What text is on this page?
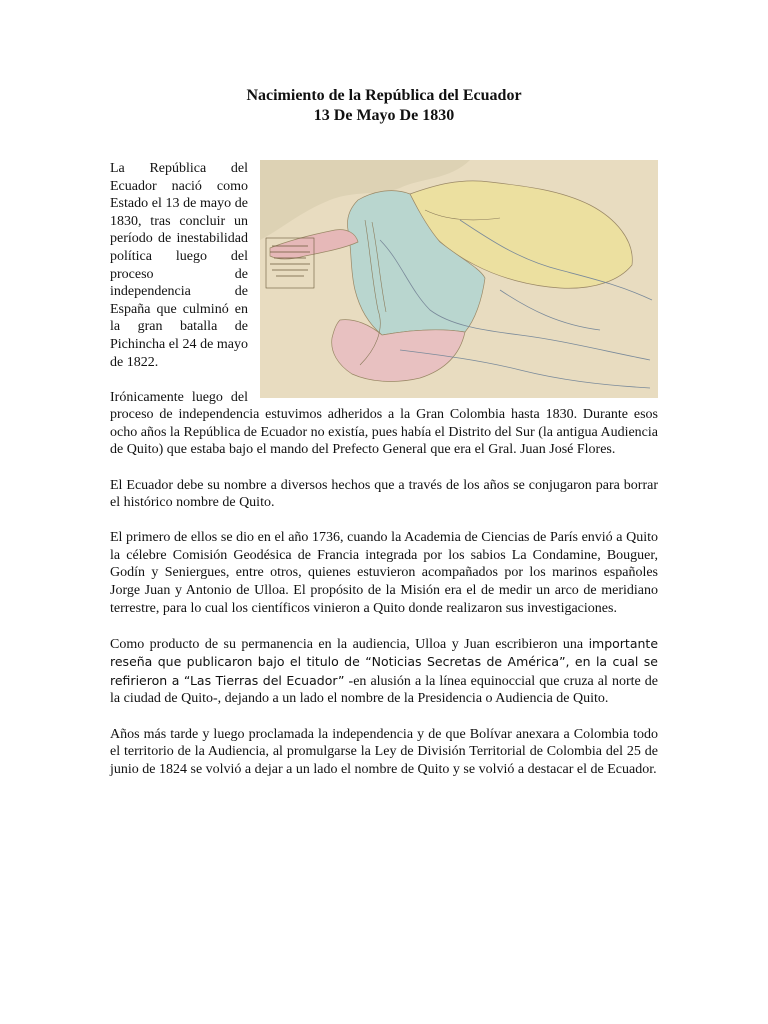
Nacimiento de la República del Ecuador
13 De Mayo De 1830

La República del Ecuador nació como Estado el 13 de mayo de 1830, tras concluir un período de inestabilidad política luego del proceso de independencia de España que culminó en la gran batalla de Pichincha el 24 de mayo de 1822.

Irónicamente luego del proceso de independencia estuvimos adheridos a la Gran Colombia hasta 1830. Durante esos ocho años la República de Ecuador no existía, pues había el Distrito del Sur (la antigua Audiencia de Quito) que estaba bajo el mando del Prefecto General que era el Gral. Juan José Flores.

El Ecuador debe su nombre a diversos hechos que a través de los años se conjugaron para borrar el histórico nombre de Quito.

El primero de ellos se dio en el año 1736, cuando la Academia de Ciencias de París envió a Quito la célebre Comisión Geodésica de Francia integrada por los sabios La Condamine, Bouguer, Godín y Seniergues, entre otros, quienes estuvieron acompañados por los marinos españoles Jorge Juan y Antonio de Ulloa. El propósito de la Misión era el de medir un arco de meridiano terrestre, para lo cual los científicos vinieron a Quito donde realizaron sus investigaciones.

Como producto de su permanencia en la audiencia, Ulloa y Juan escribieron una importante reseña que publicaron bajo el titulo de “Noticias Secretas de América”, en la cual se refirieron a “Las Tierras del Ecuador” -en alusión a la línea equinoccial que cruza al norte de la ciudad de Quito-, dejando a un lado el nombre de la Presidencia o Audiencia de Quito.

Años más tarde y luego proclamada la independencia y de que Bolívar anexara a Colombia todo el territorio de la Audiencia, al promulgarse la Ley de División Territorial de Colombia del 25 de junio de 1824 se volvió a dejar a un lado el nombre de Quito y se volvió a destacar el de Ecuador.
